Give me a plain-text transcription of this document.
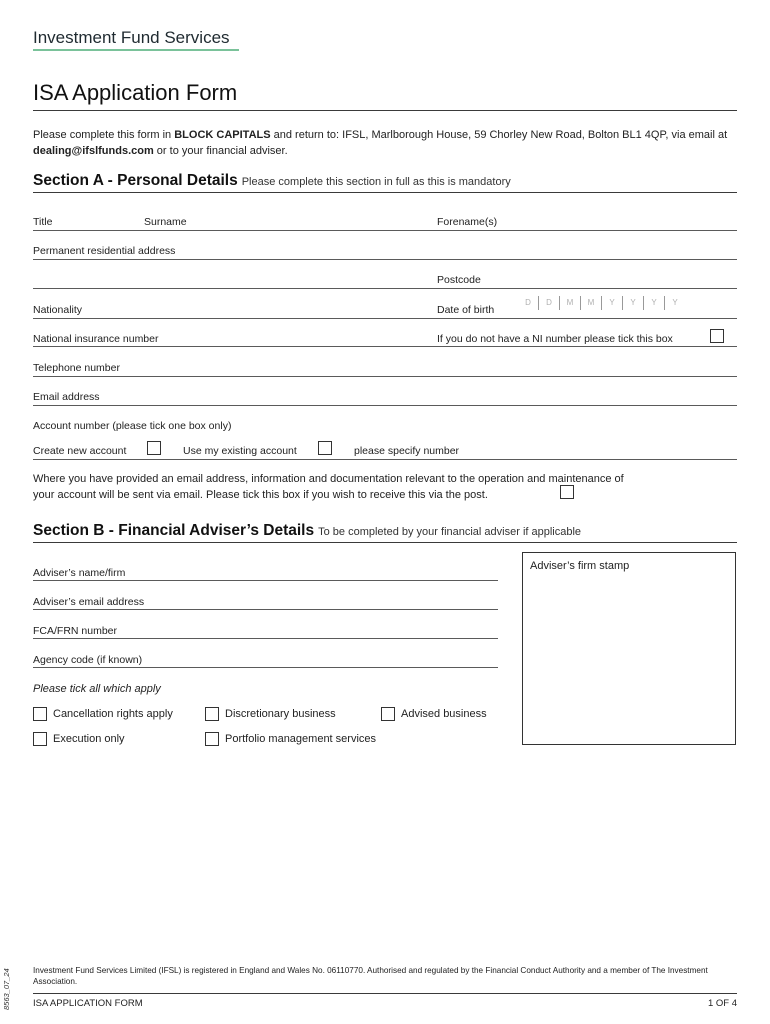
Investment Fund Services
ISA Application Form
Please complete this form in BLOCK CAPITALS and return to: IFSL, Marlborough House, 59 Chorley New Road, Bolton BL1 4QP, via email at dealing@ifslfunds.com or to your financial adviser.
Section A - Personal Details Please complete this section in full as this is mandatory
Title	Surname	Forename(s)
Permanent residential address
Postcode
Nationality	Date of birth
D	D	M	M	Y	Y	Y	Y
National insurance number	If you do not have a NI number please tick this box
Telephone number
Email address
Account number (please tick one box only)
Create new account	Use my existing account	please specify number
Where you have provided an email address, information and documentation relevant to the operation and maintenance of
your account will be sent via email. Please tick this box if you wish to receive this via the post.
Section B - Financial Adviser’s Details To be completed by your financial adviser if applicable
Adviser’s name/firm
Adviser’s email address
FCA/FRN number
Agency code (if known)
Please tick all which apply
Cancellation rights apply	Discretionary business	Advised business
Execution only	Portfolio management services
Adviser’s firm stamp
8563_07_24	Investment Fund Services Limited (IFSL) is registered in England and Wales No. 06110770. Authorised and regulated by the Financial Conduct Authority and a member of The Investment Association.
ISA APPLICATION FORM	1 OF 4
